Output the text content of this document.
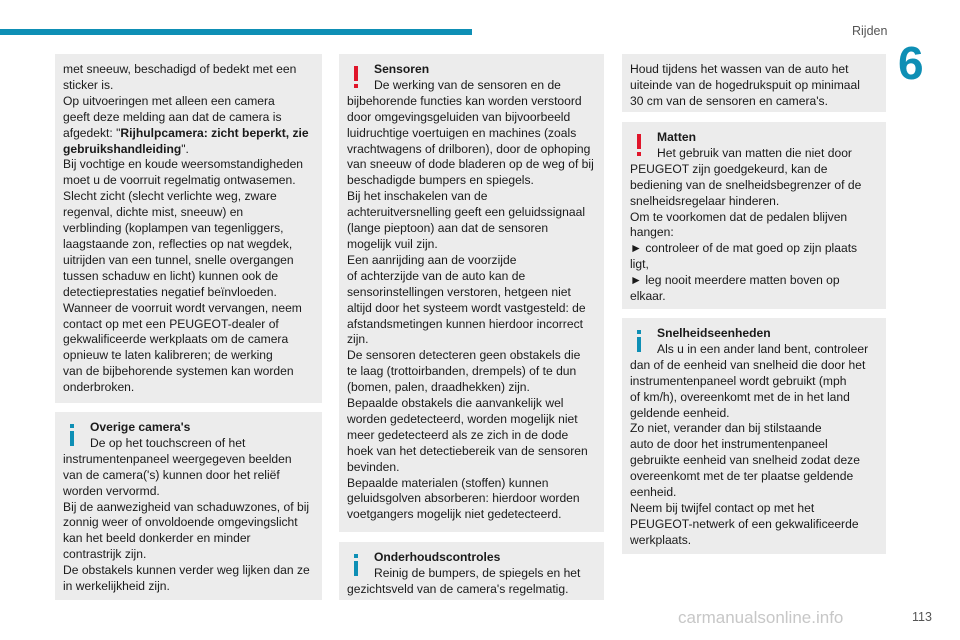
Rijden
6
met sneeuw, beschadigd of bedekt met een
sticker is.
Op uitvoeringen met alleen een camera
geeft deze melding aan dat de camera is
afgedekt: "Rijhulpcamera: zicht beperkt, zie gebruikshandleiding".
Bij vochtige en koude weersomstandigheden
moet u de voorruit regelmatig ontwasemen.
Slecht zicht (slecht verlichte weg, zware
regenval, dichte mist, sneeuw) en
verblinding (koplampen van tegenliggers,
laagstaande zon, reflecties op nat wegdek,
uitrijden van een tunnel, snelle overgangen
tussen schaduw en licht) kunnen ook de
detectieprestaties negatief beïnvloeden.
Wanneer de voorruit wordt vervangen, neem
contact op met een PEUGEOT-dealer of
gekwalificeerde werkplaats om de camera
opnieuw te laten kalibreren; de werking
van de bijbehorende systemen kan worden
onderbroken.
Overige camera's
De op het touchscreen of het
instrumentenpaneel weergegeven beelden
van de camera('s) kunnen door het reliëf
worden vervormd.
Bij de aanwezigheid van schaduwzones, of bij
zonnig weer of onvoldoende omgevingslicht
kan het beeld donkerder en minder
contrastrijk zijn.
De obstakels kunnen verder weg lijken dan ze
in werkelijkheid zijn.
Sensoren
De werking van de sensoren en de
bijbehorende functies kan worden verstoord
door omgevingsgeluiden van bijvoorbeeld
luidruchtige voertuigen en machines (zoals
vrachtwagens of drilboren), door de ophoping
van sneeuw of dode bladeren op de weg of bij
beschadigde bumpers en spiegels.
Bij het inschakelen van de
achteruitversnelling geeft een geluidssignaal
(lange pieptoon) aan dat de sensoren
mogelijk vuil zijn.
Een aanrijding aan de voorzijde
of achterzijde van de auto kan de
sensorinstellingen verstoren, hetgeen niet
altijd door het systeem wordt vastgesteld: de
afstandsmetingen kunnen hierdoor incorrect
zijn.
De sensoren detecteren geen obstakels die
te laag (trottoirbanden, drempels) of te dun
(bomen, palen, draadhekken) zijn.
Bepaalde obstakels die aanvankelijk wel
worden gedetecteerd, worden mogelijk niet
meer gedetecteerd als ze zich in de dode
hoek van het detectiebereik van de sensoren
bevinden.
Bepaalde materialen (stoffen) kunnen
geluidsgolven absorberen: hierdoor worden
voetgangers mogelijk niet gedetecteerd.
Onderhoudscontroles
Reinig de bumpers, de spiegels en het
gezichtsveld van de camera's regelmatig.
Houd tijdens het wassen van de auto het
uiteinde van de hogedrukspuit op minimaal
30 cm van de sensoren en camera's.
Matten
Het gebruik van matten die niet door
PEUGEOT zijn goedgekeurd, kan de
bediening van de snelheidsbegrenzer of de
snelheidsregelaar hinderen.
Om te voorkomen dat de pedalen blijven
hangen:
► controleer of de mat goed op zijn plaats
ligt,
► leg nooit meerdere matten boven op
elkaar.
Snelheidseenheden
Als u in een ander land bent, controleer
dan of de eenheid van snelheid die door het
instrumentenpaneel wordt gebruikt (mph
of km/h), overeenkomt met de in het land
geldende eenheid.
Zo niet, verander dan bij stilstaande
auto de door het instrumentenpaneel
gebruikte eenheid van snelheid zodat deze
overeenkomt met de ter plaatse geldende
eenheid.
Neem bij twijfel contact op met het
PEUGEOT-netwerk of een gekwalificeerde
werkplaats.
carmanualsonline.info	113
